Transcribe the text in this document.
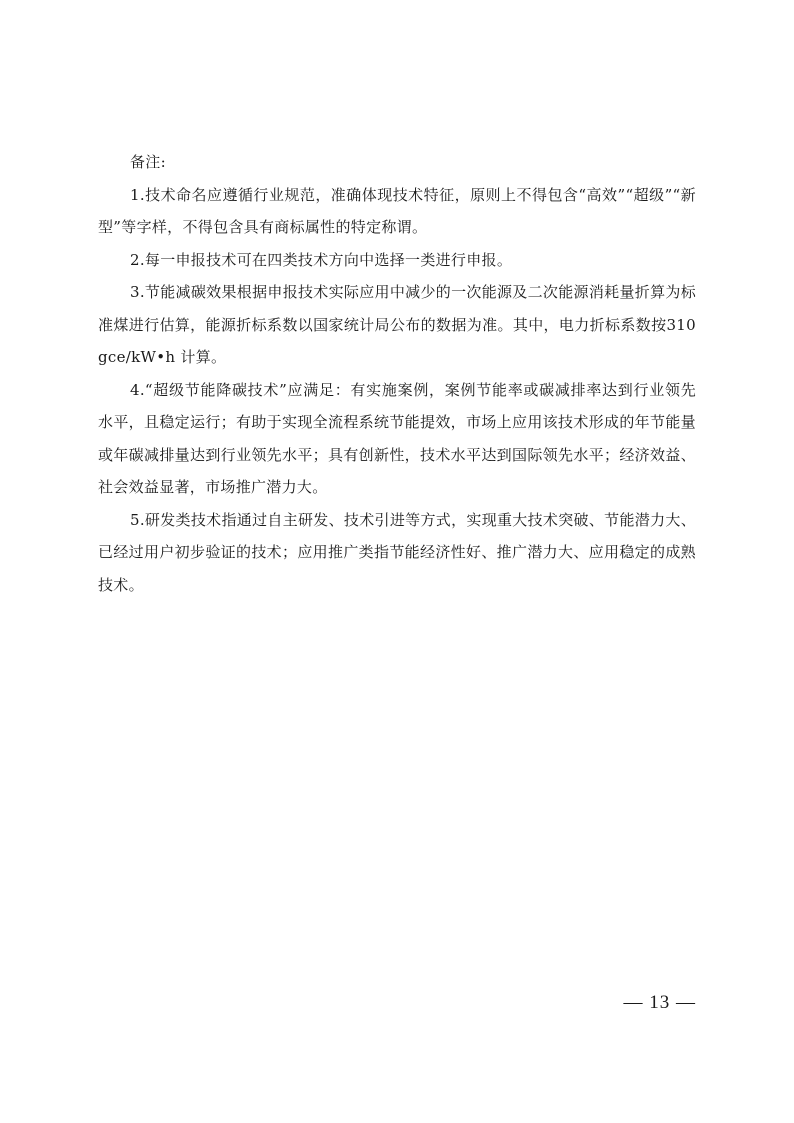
备注:

1.技术命名应遵循行业规范，准确体现技术特征，原则上不得包含“高效”“超级”“新型”等字样，不得包含具有商标属性的特定称谓。

2.每一申报技术可在四类技术方向中选择一类进行申报。

3.节能减碳效果根据申报技术实际应用中减少的一次能源及二次能源消耗量折算为标准煤进行估算，能源折标系数以国家统计局公布的数据为准。其中，电力折标系数按310gce/kW•h 计算。

4.“超级节能降碳技术”应满足：有实施案例，案例节能率或碳减排率达到行业领先水平，且稳定运行；有助于实现全流程系统节能提效，市场上应用该技术形成的年节能量或年碳减排量达到行业领先水平；具有创新性，技术水平达到国际领先水平；经济效益、社会效益显著，市场推广潜力大。

5.研发类技术指通过自主研发、技术引进等方式，实现重大技术突破、节能潜力大、已经过用户初步验证的技术；应用推广类指节能经济性好、推广潜力大、应用稳定的成熟技术。

— 13 —
